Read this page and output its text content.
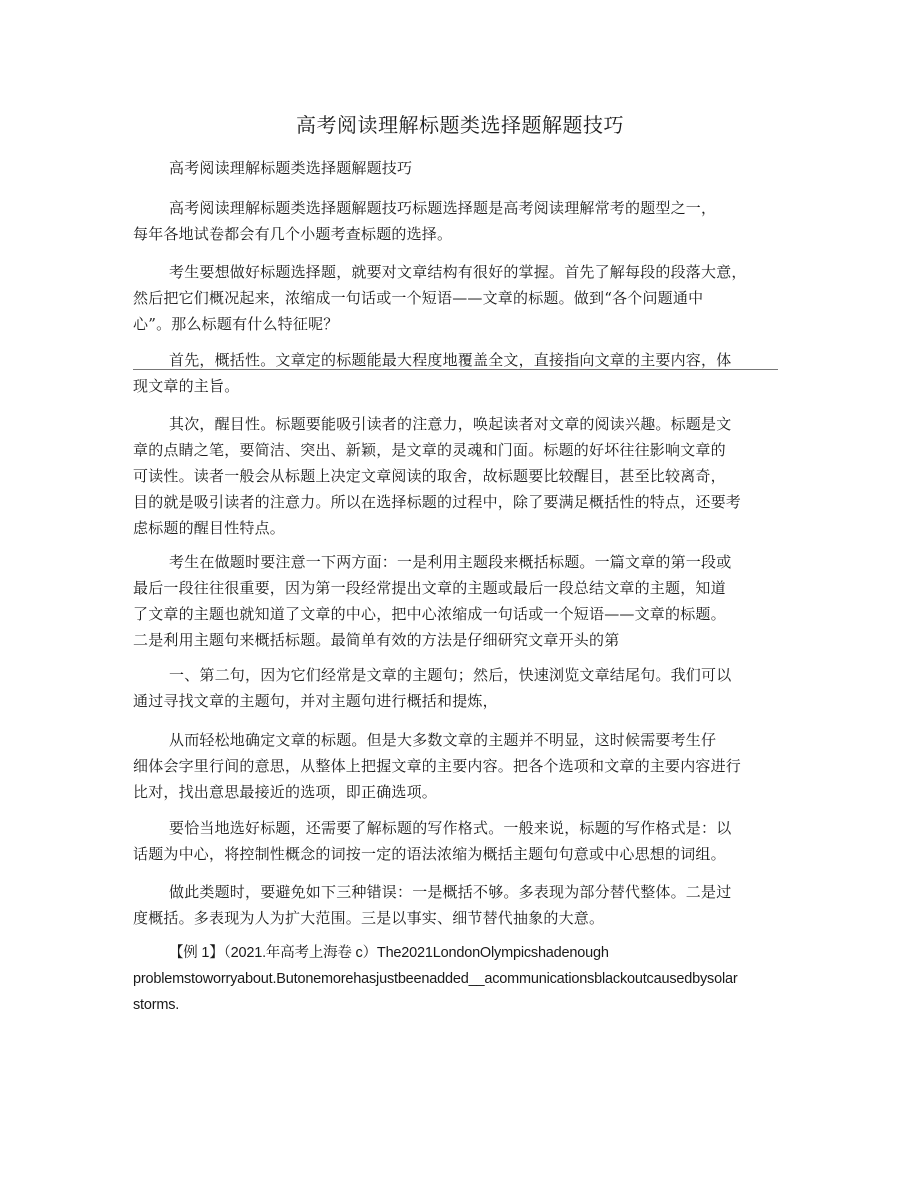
高考阅读理解标题类选择题解题技巧
高考阅读理解标题类选择题解题技巧
高考阅读理解标题类选择题解题技巧标题选择题是高考阅读理解常考的题型之一，
每年各地试卷都会有几个小题考查标题的选择。
考生要想做好标题选择题，就要对文章结构有很好的掌握。首先了解每段的段落大意，
然后把它们概况起来，浓缩成一句话或一个短语——文章的标题。做到“各个问题通中
心”。那么标题有什么特征呢？
首先，概括性。文章定的标题能最大程度地覆盖全文，直接指向文章的主要内容，体
现文章的主旨。
其次，醒目性。标题要能吸引读者的注意力，唤起读者对文章的阅读兴趣。标题是文
章的点睛之笔，要简洁、突出、新颖，是文章的灵魂和门面。标题的好坏往往影响文章的
可读性。读者一般会从标题上决定文章阅读的取舍，故标题要比较醒目，甚至比较离奇，
目的就是吸引读者的注意力。所以在选择标题的过程中，除了要满足概括性的特点，还要考
虑标题的醒目性特点。
考生在做题时要注意一下两方面：一是利用主题段来概括标题。一篇文章的第一段或
最后一段往往很重要，因为第一段经常提出文章的主题或最后一段总结文章的主题，知道
了文章的主题也就知道了文章的中心，把中心浓缩成一句话或一个短语——文章的标题。
二是利用主题句来概括标题。最简单有效的方法是仔细研究文章开头的第
一、第二句，因为它们经常是文章的主题句；然后，快速浏览文章结尾句。我们可以
通过寻找文章的主题句，并对主题句进行概括和提炼，
从而轻松地确定文章的标题。但是大多数文章的主题并不明显，这时候需要考生仔
细体会字里行间的意思，从整体上把握文章的主要内容。把各个选项和文章的主要内容进行
比对，找出意思最接近的选项，即正确选项。
要恰当地选好标题，还需要了解标题的写作格式。一般来说，标题的写作格式是：以
话题为中心，将控制性概念的词按一定的语法浓缩为概括主题句句意或中心思想的词组。
做此类题时，要避免如下三种错误：一是概括不够。多表现为部分替代整体。二是过
度概括。多表现为人为扩大范围。三是以事实、细节替代抽象的大意。
【例 1】（2021.年高考上海卷 c）The2021LondonOlympicshadenough
problemstoworryabout.Butonemorehasjustbeenadded__acommunicationsblackoutcausedbysolar
storms.
